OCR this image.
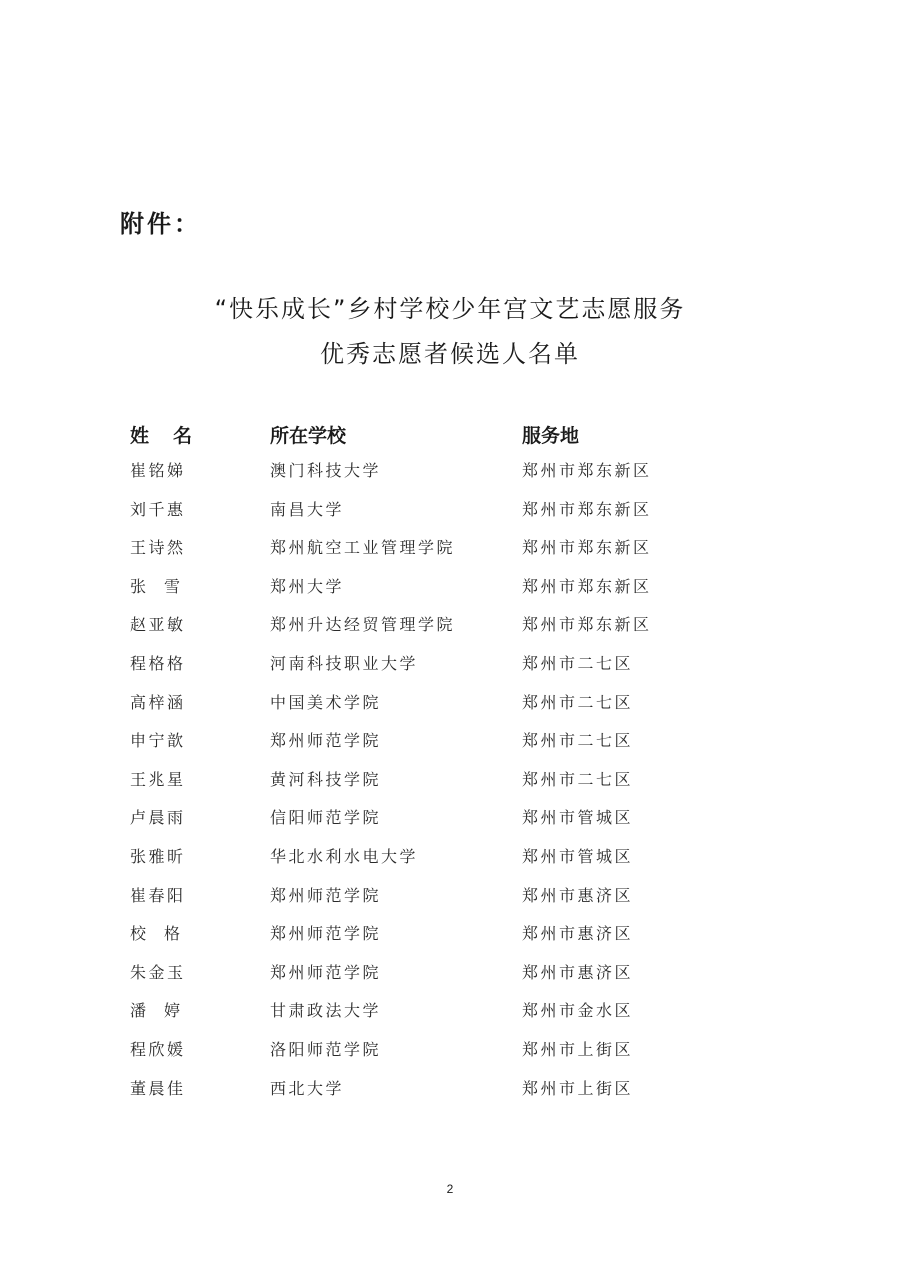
附件：
“快乐成长”乡村学校少年宫文艺志愿服务
优秀志愿者候选人名单
姓名	所在学校	服务地
崔铭娣	澳门科技大学	郑州市郑东新区
刘千惠	南昌大学	郑州市郑东新区
王诗然	郑州航空工业管理学院	郑州市郑东新区
张雪	郑州大学	郑州市郑东新区
赵亚敏	郑州升达经贸管理学院	郑州市郑东新区
程格格	河南科技职业大学	郑州市二七区
高梓涵	中国美术学院	郑州市二七区
申宁歆	郑州师范学院	郑州市二七区
王兆星	黄河科技学院	郑州市二七区
卢晨雨	信阳师范学院	郑州市管城区
张雅昕	华北水利水电大学	郑州市管城区
崔春阳	郑州师范学院	郑州市惠济区
校格	郑州师范学院	郑州市惠济区
朱金玉	郑州师范学院	郑州市惠济区
潘婷	甘肃政法大学	郑州市金水区
程欣媛	洛阳师范学院	郑州市上街区
董晨佳	西北大学	郑州市上街区
2
